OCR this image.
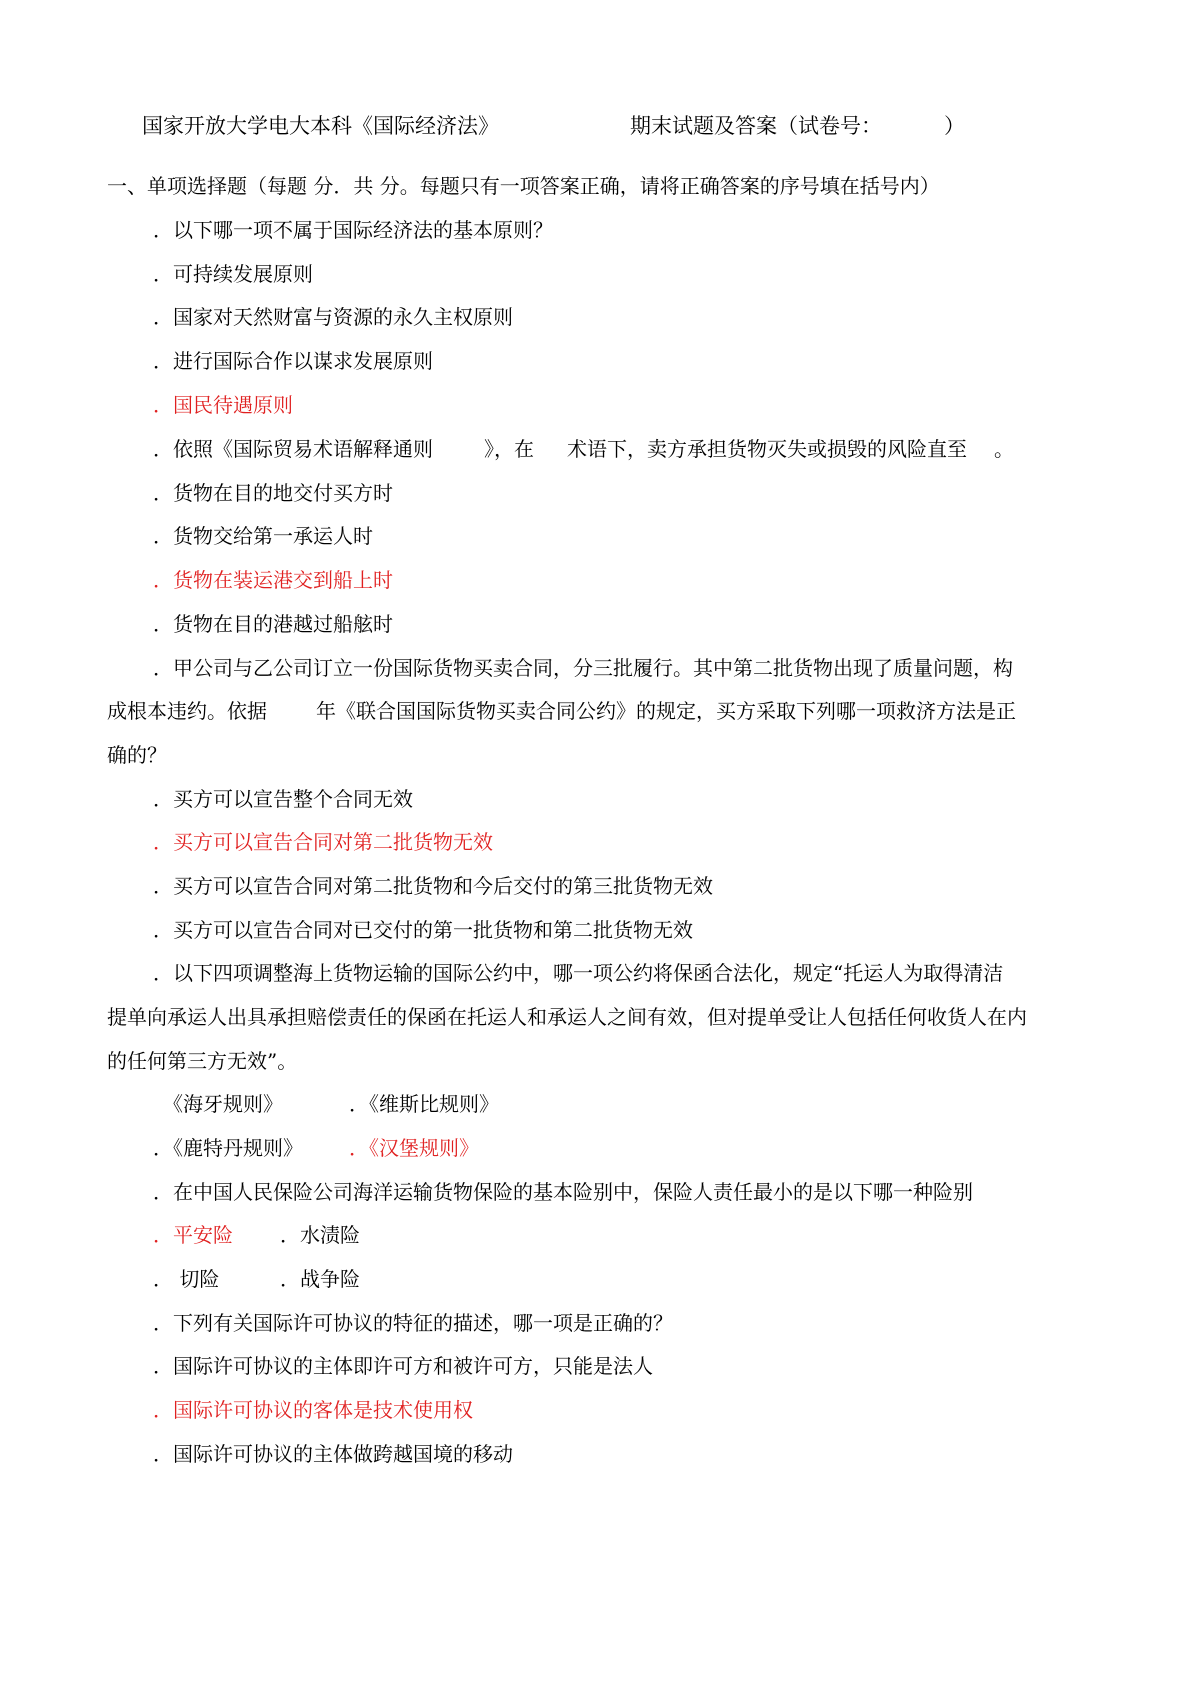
国家开放大学电大本科《国际经济法》	期末试题及答案（试卷号：	）
一、单项选择题（每题 分．共 分。每题只有一项答案正确，请将正确答案的序号填在括号内）
．以下哪一项不属于国际经济法的基本原则？
．可持续发展原则
．国家对天然财富与资源的永久主权原则
．进行国际合作以谋求发展原则
．国民待遇原则
．依照《国际贸易术语解释通则	》，在 术语下，卖方承担货物灭失或损毁的风险直至 。
．货物在目的地交付买方时
．货物交给第一承运人时
．货物在装运港交到船上时
．货物在目的港越过船舷时
．甲公司与乙公司订立一份国际货物买卖合同，分三批履行。其中第二批货物出现了质量问题，构
成根本违约。依据 年《联合国国际货物买卖合同公约》的规定，买方采取下列哪一项救济方法是正
确的？
．买方可以宣告整个合同无效
．买方可以宣告合同对第二批货物无效
．买方可以宣告合同对第二批货物和今后交付的第三批货物无效
．买方可以宣告合同对已交付的第一批货物和第二批货物无效
．以下四项调整海上货物运输的国际公约中，哪一项公约将保函合法化，规定“托运人为取得清洁
提单向承运人出具承担赔偿责任的保函在托运人和承运人之间有效，但对提单受让人包括任何收货人在内
的任何第三方无效”。
《海牙规则》	．《维斯比规则》
．《鹿特丹规则》 ．《汉堡规则》
．在中国人民保险公司海洋运输货物保险的基本险别中，保险人责任最小的是以下哪一种险别
．平安险 ．水渍险
． 切险	．战争险
．下列有关国际许可协议的特征的描述，哪一项是正确的？
．国际许可协议的主体即许可方和被许可方，只能是法人
．国际许可协议的客体是技术使用权
．国际许可协议的主体做跨越国境的移动
